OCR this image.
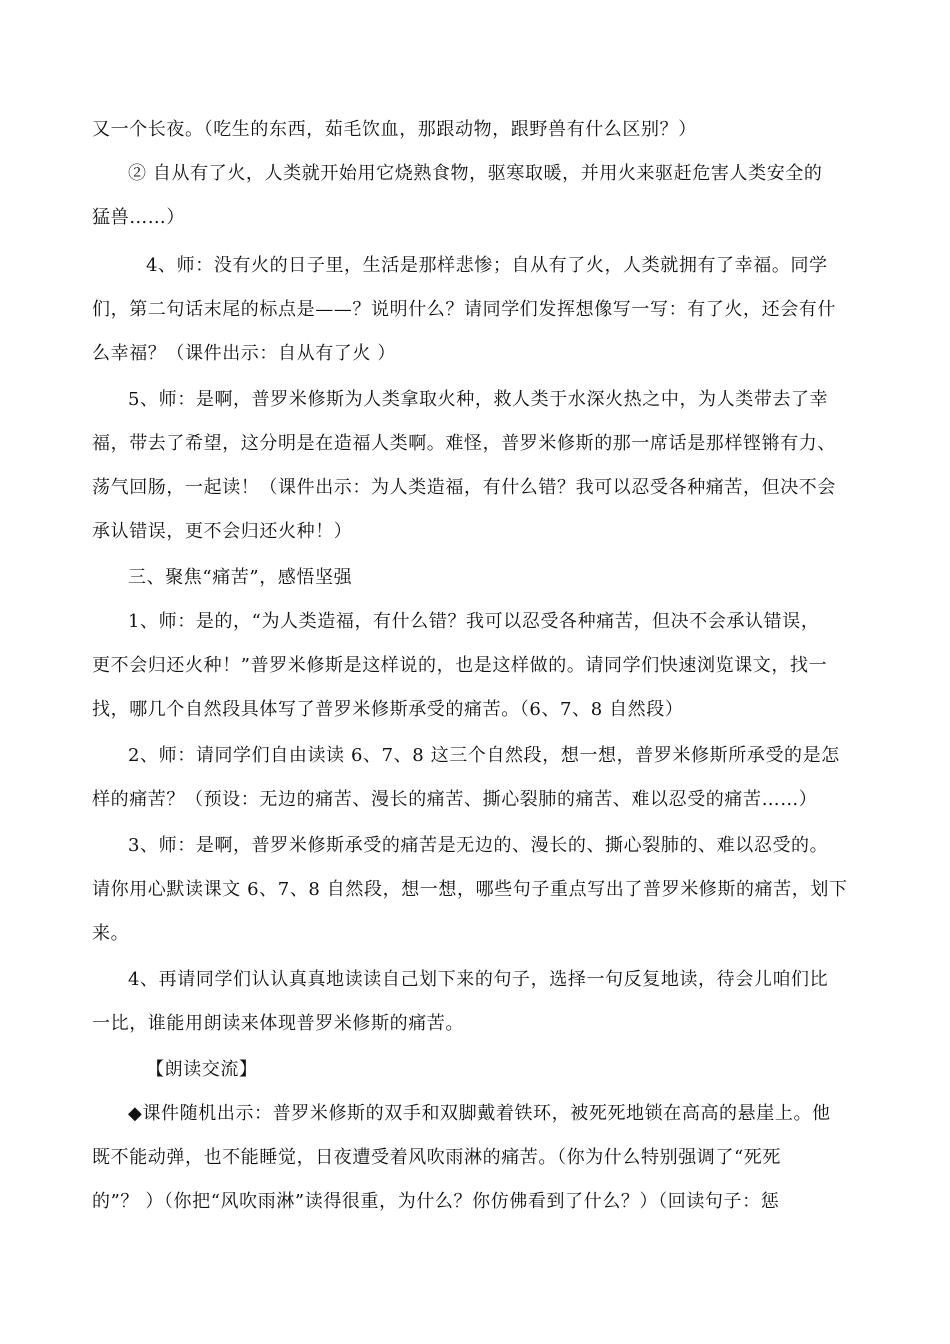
又一个长夜。（吃生的东西，茹毛饮血，那跟动物，跟野兽有什么区别？）
② 自从有了火，人类就开始用它烧熟食物，驱寒取暖，并用火来驱赶危害人类安全的
猛兽……）
4、师：没有火的日子里，生活是那样悲惨；自从有了火，人类就拥有了幸福。同学
们，第二句话末尾的标点是——？说明什么？请同学们发挥想像写一写：有了火，还会有什
么幸福？（课件出示：自从有了火 ）
5、师：是啊，普罗米修斯为人类拿取火种，救人类于水深火热之中，为人类带去了幸
福，带去了希望，这分明是在造福人类啊。难怪，普罗米修斯的那一席话是那样铿锵有力、
荡气回肠，一起读！（课件出示：为人类造福，有什么错？我可以忍受各种痛苦，但决不会
承认错误，更不会归还火种！）
三、聚焦“痛苦”，感悟坚强
1、师：是的，“为人类造福，有什么错？我可以忍受各种痛苦，但决不会承认错误，
更不会归还火种！”普罗米修斯是这样说的，也是这样做的。请同学们快速浏览课文，找一
找，哪几个自然段具体写了普罗米修斯承受的痛苦。（6、7、8 自然段）
2、师：请同学们自由读读 6、7、8 这三个自然段，想一想，普罗米修斯所承受的是怎
样的痛苦？（预设：无边的痛苦、漫长的痛苦、撕心裂肺的痛苦、难以忍受的痛苦……）
3、师：是啊，普罗米修斯承受的痛苦是无边的、漫长的、撕心裂肺的、难以忍受的。
请你用心默读课文 6、7、8 自然段，想一想，哪些句子重点写出了普罗米修斯的痛苦，划下
来。
4、再请同学们认认真真地读读自己划下来的句子，选择一句反复地读，待会儿咱们比
一比，谁能用朗读来体现普罗米修斯的痛苦。
【朗读交流】
◆课件随机出示：普罗米修斯的双手和双脚戴着铁环，被死死地锁在高高的悬崖上。他
既不能动弹，也不能睡觉，日夜遭受着风吹雨淋的痛苦。（你为什么特别强调了“死死
的”？ ）（你把“风吹雨淋”读得很重，为什么？你仿佛看到了什么？）（回读句子：惩
